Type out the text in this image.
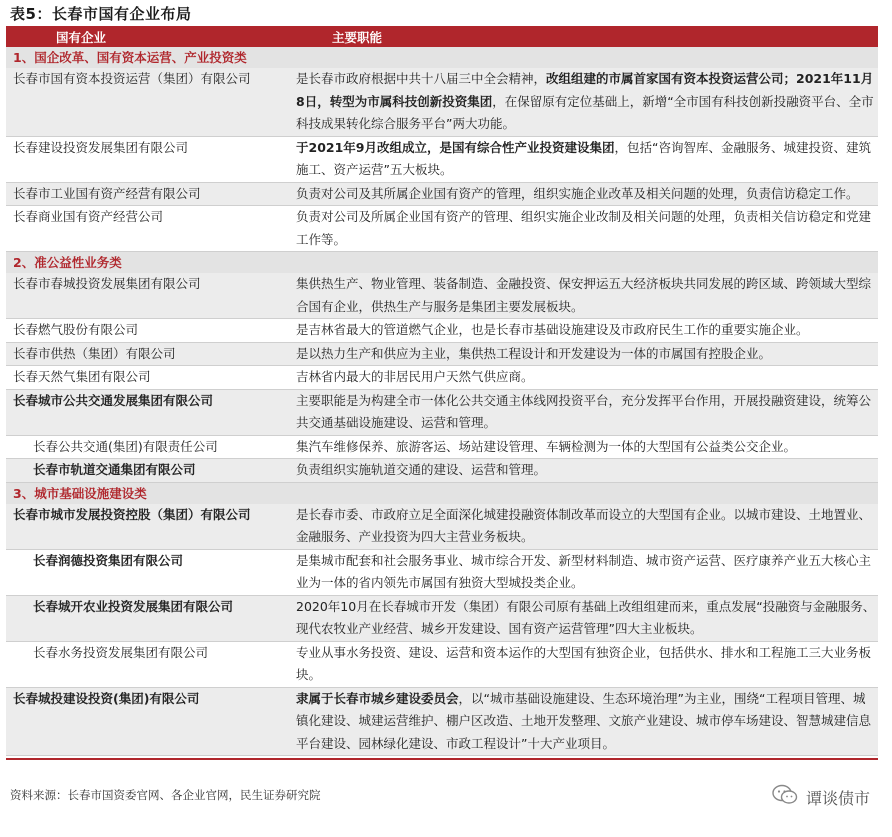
表5：长春市国有企业布局
国有企业	主要职能
1、国企改革、国有资本运营、产业投资类
长春市国有资本投资运营（集团）有限公司	是长春市政府根据中共十八届三中全会精神，改组组建的市属首家国有资本投资运营公司；2021年11月8日，转型为市属科技创新投资集团，在保留原有定位基础上，新增“全市国有科技创新投融资平台、全市科技成果转化综合服务平台”两大功能。
长春建设投资发展集团有限公司	于2021年9月改组成立，是国有综合性产业投资建设集团，包括“咨询智库、金融服务、城建投资、建筑施工、资产运营”五大板块。
长春市工业国有资产经营有限公司	负责对公司及其所属企业国有资产的管理，组织实施企业改革及相关问题的处理，负责信访稳定工作。
长春商业国有资产经营公司	负责对公司及所属企业国有资产的管理、组织实施企业改制及相关问题的处理，负责相关信访稳定和党建工作等。
2、准公益性业务类
长春市春城投资发展集团有限公司	集供热生产、物业管理、装备制造、金融投资、保安押运五大经济板块共同发展的跨区域、跨领域大型综合国有企业，供热生产与服务是集团主要发展板块。
长春燃气股份有限公司	是吉林省最大的管道燃气企业，也是长春市基础设施建设及市政府民生工作的重要实施企业。
长春市供热（集团）有限公司	是以热力生产和供应为主业，集供热工程设计和开发建设为一体的市属国有控股企业。
长春天然气集团有限公司	吉林省内最大的非居民用户天然气供应商。
长春城市公共交通发展集团有限公司	主要职能是为构建全市一体化公共交通主体线网投资平台，充分发挥平台作用，开展投融资建设，统筹公共交通基础设施建设、运营和管理。
长春公共交通(集团)有限责任公司	集汽车维修保养、旅游客运、场站建设管理、车辆检测为一体的大型国有公益类公交企业。
长春市轨道交通集团有限公司	负责组织实施轨道交通的建设、运营和管理。
3、城市基础设施建设类
长春市城市发展投资控股（集团）有限公司	是长春市委、市政府立足全面深化城建投融资体制改革而设立的大型国有企业。以城市建设、土地置业、金融服务、产业投资为四大主营业务板块。
长春润德投资集团有限公司	是集城市配套和社会服务事业、城市综合开发、新型材料制造、城市资产运营、医疗康养产业五大核心主业为一体的省内领先市属国有独资大型城投类企业。
长春城开农业投资发展集团有限公司	2020年10月在长春城市开发（集团）有限公司原有基础上改组组建而来，重点发展“投融资与金融服务、现代农牧业产业经营、城乡开发建设、国有资产运营管理”四大主业板块。
长春水务投资发展集团有限公司	专业从事水务投资、建设、运营和资本运作的大型国有独资企业，包括供水、排水和工程施工三大业务板块。
长春城投建设投资(集团)有限公司	隶属于长春市城乡建设委员会，以“城市基础设施建设、生态环境治理”为主业，围绕“工程项目管理、城镇化建设、城建运营维护、棚户区改造、土地开发整理、文旅产业建设、城市停车场建设、智慧城建信息平台建设、园林绿化建设、市政工程设计”十大产业项目。
资料来源：长春市国资委官网、各企业官网，民生证券研究院	谭谈债市
